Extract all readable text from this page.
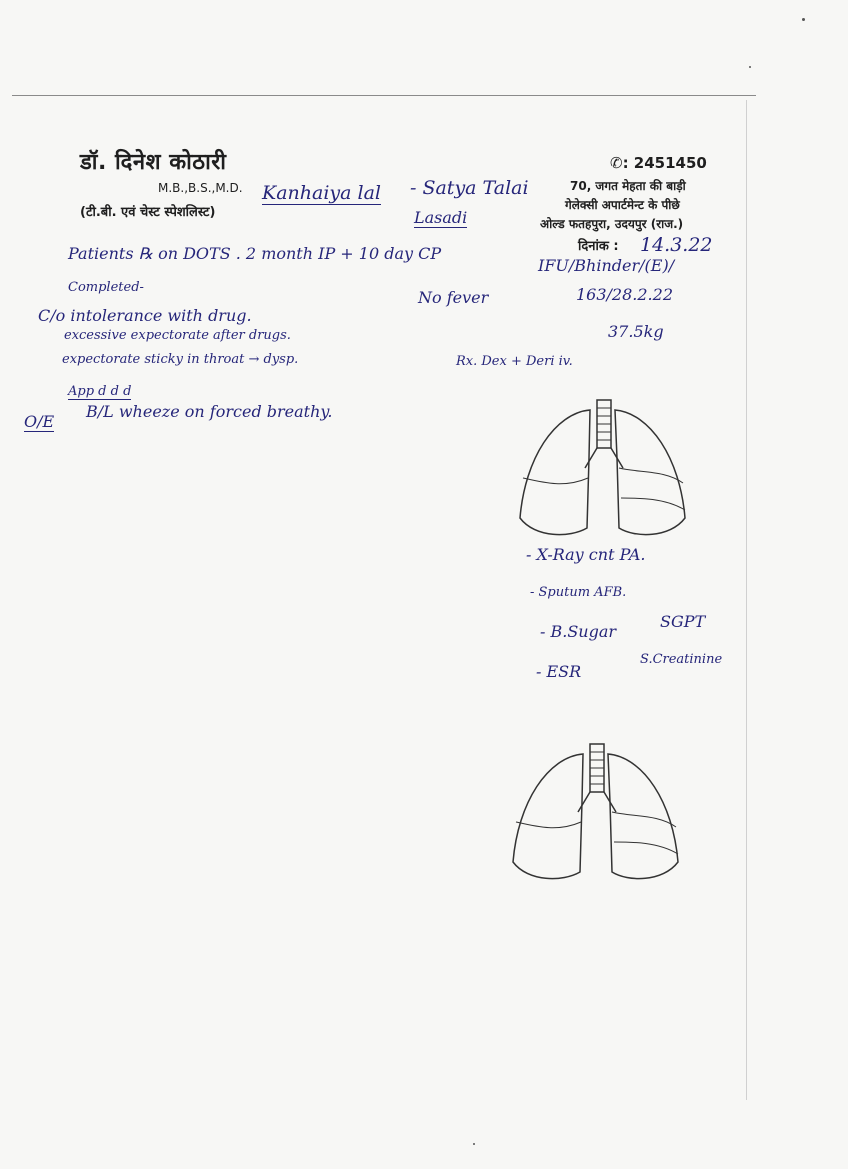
डॉ. दिनेश कोठारी
M.B.,B.S.,M.D.
(टी.बी. एवं चेस्ट स्पेशलिस्ट)
✆: 2451450
70, जगत मेहता की बाड़ी
गेलेक्सी अपार्टमेन्ट के पीछे
ओल्ड फतहपुरा, उदयपुर (राज.)
दिनांक :
Kanhaiya lal - Satya Talai
Lasadi
14.3.22
Patients ℞ on DOTS . 2 month IP + 10 day CP
Completed-
C/o intolerance with drug.
excessive expectorate after drugs.
expectorate sticky in throat → dysp.
App d d d
O/E
B/L wheeze on forced breathy.
IFU/Bhinder/(E)/
163/28.2.22
No fever
37.5kg
Rx. Dex + Deri iv.
- X-Ray cnt PA.
- Sputum AFB.
- B.Sugar
SGPT
- ESR
S.Creatinine
